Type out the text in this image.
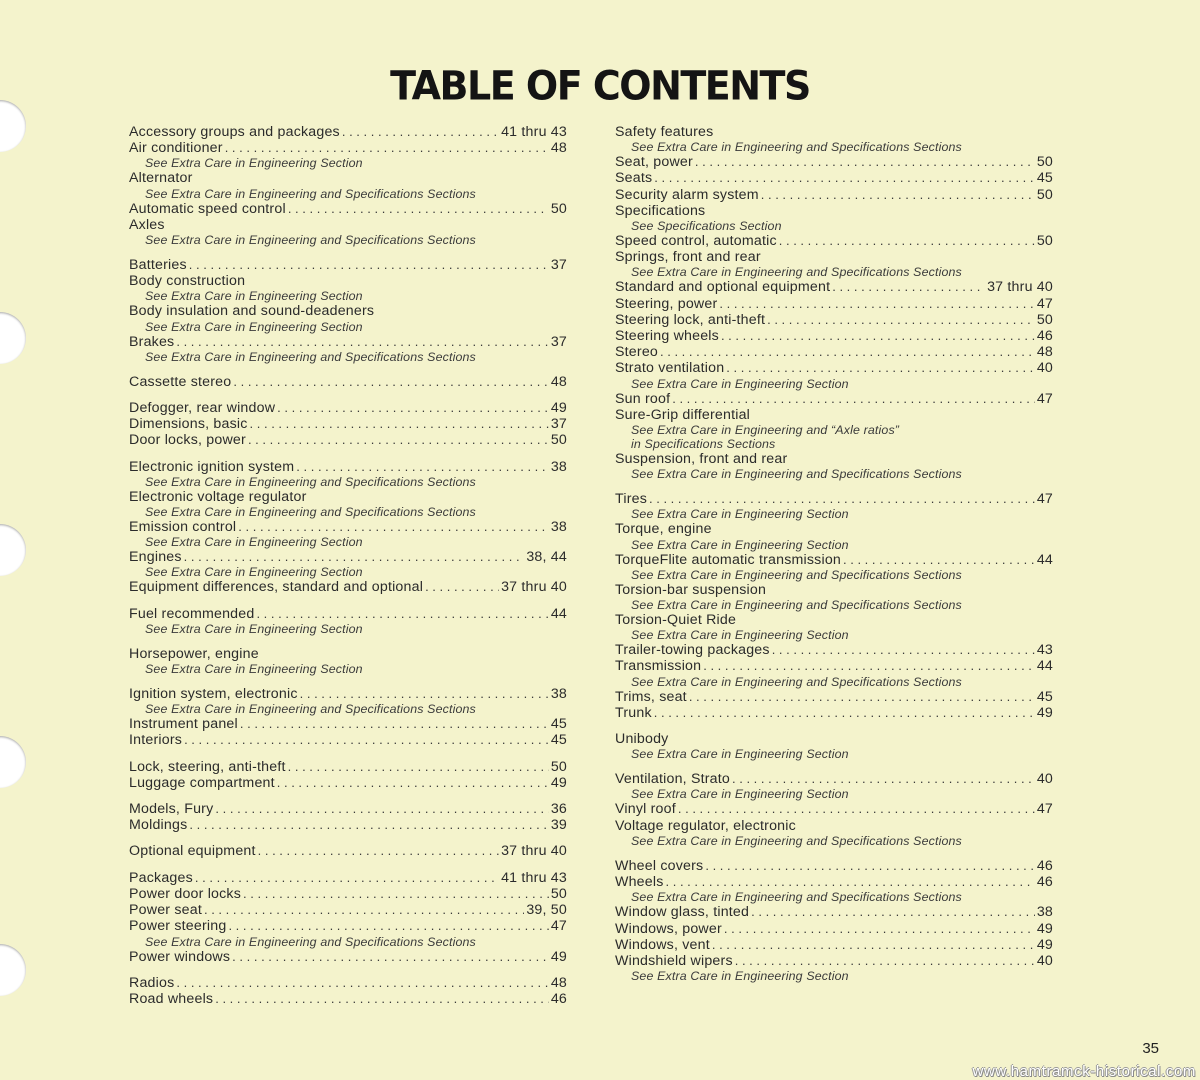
TABLE OF CONTENTS
Accessory groups and packages . . .	41 thru 43
Air conditioner . . .	48
See Extra Care in Engineering Section
Alternator
See Extra Care in Engineering and Specifications Sections
Automatic speed control . . .	50
Axles
See Extra Care in Engineering and Specifications Sections
Batteries . . .	37
Body construction
See Extra Care in Engineering Section
Body insulation and sound-deadeners
See Extra Care in Engineering Section
Brakes . . .	37
See Extra Care in Engineering and Specifications Sections
Cassette stereo . . .	48
Defogger, rear window . . .	49
Dimensions, basic . . .	37
Door locks, power . . .	50
Electronic ignition system . . .	38
See Extra Care in Engineering and Specifications Sections
Electronic voltage regulator
See Extra Care in Engineering and Specifications Sections
Emission control . . .	38
See Extra Care in Engineering Section
Engines . . .	38, 44
See Extra Care in Engineering Section
Equipment differences, standard and optional . . .	37 thru 40
Fuel recommended . . .	44
See Extra Care in Engineering Section
Horsepower, engine
See Extra Care in Engineering Section
Ignition system, electronic . . .	38
See Extra Care in Engineering and Specifications Sections
Instrument panel . . .	45
Interiors . . .	45
Lock, steering, anti-theft . . .	50
Luggage compartment . . .	49
Models, Fury . . .	36
Moldings . . .	39
Optional equipment . . .	37 thru 40
Packages . . .	41 thru 43
Power door locks . . .	50
Power seat . . .	39, 50
Power steering . . .	47
See Extra Care in Engineering and Specifications Sections
Power windows . . .	49
Radios . . .	48
Road wheels . . .	46
Safety features
See Extra Care in Engineering and Specifications Sections
Seat, power . . .	50
Seats . . .	45
Security alarm system . . .	50
Specifications
See Specifications Section
Speed control, automatic . . .	50
Springs, front and rear
See Extra Care in Engineering and Specifications Sections
Standard and optional equipment . . .	37 thru 40
Steering, power . . .	47
Steering lock, anti-theft . . .	50
Steering wheels . . .	46
Stereo . . .	48
Strato ventilation . . .	40
See Extra Care in Engineering Section
Sun roof . . .	47
Sure-Grip differential
See Extra Care in Engineering and “Axle ratios”
in Specifications Sections
Suspension, front and rear
See Extra Care in Engineering and Specifications Sections
Tires . . .	47
See Extra Care in Engineering Section
Torque, engine
See Extra Care in Engineering Section
TorqueFlite automatic transmission . . .	44
See Extra Care in Engineering and Specifications Sections
Torsion-bar suspension
See Extra Care in Engineering and Specifications Sections
Torsion-Quiet Ride
See Extra Care in Engineering Section
Trailer-towing packages . . .	43
Transmission . . .	44
See Extra Care in Engineering and Specifications Sections
Trims, seat . . .	45
Trunk . . .	49
Unibody
See Extra Care in Engineering Section
Ventilation, Strato . . .	40
See Extra Care in Engineering Section
Vinyl roof . . .	47
Voltage regulator, electronic
See Extra Care in Engineering and Specifications Sections
Wheel covers . . .	46
Wheels . . .	46
See Extra Care in Engineering and Specifications Sections
Window glass, tinted . . .	38
Windows, power . . .	49
Windows, vent . . .	49
Windshield wipers . . .	40
See Extra Care in Engineering Section
35
www.hamtramck-historical.com
